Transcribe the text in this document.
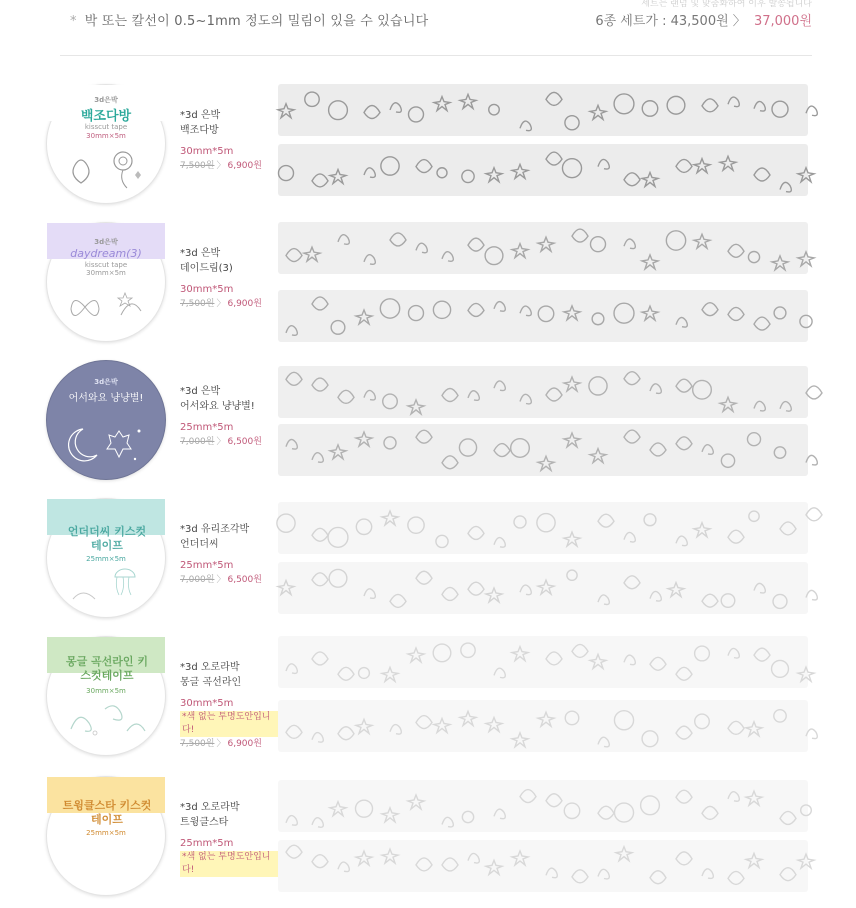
세트는 랜덤 및 맞춤화하여 이후 발송됩니다
* 박 또는 칼선이 0.5~1mm 정도의 밀림이 있을 수 있습니다	6종 세트가 : 43,500원 〉 37,000원
3d은박
백조다방
kisscut tape
30mm×5m
*3d 은박
백조다방
30mm*5m
7,500원 〉 6,900원
3d은박
daydream(3)
kisscut tape
30mm×5m
*3d 은박
데이드림(3)
30mm*5m
7,500원 〉 6,900원
3d은박
어서와요 냥냥별!
*3d 은박
어서와요 냥냥별!
25mm*5m
7,000원 〉 6,500원
언더더씨 키스컷테이프
25mm×5m
*3d 유리조각박
언더더씨
25mm*5m
7,000원 〉 6,500원
몽글 곡선라인 키스컷테이프
30mm×5m
*3d 오로라박
몽글 곡선라인
30mm*5m
*색 없는 투명도안입니다!
7,500원 〉 6,900원
트윙클스타 키스컷테이프
25mm×5m
*3d 오로라박
트윙클스타
25mm*5m
*색 없는 투명도안입니다!
